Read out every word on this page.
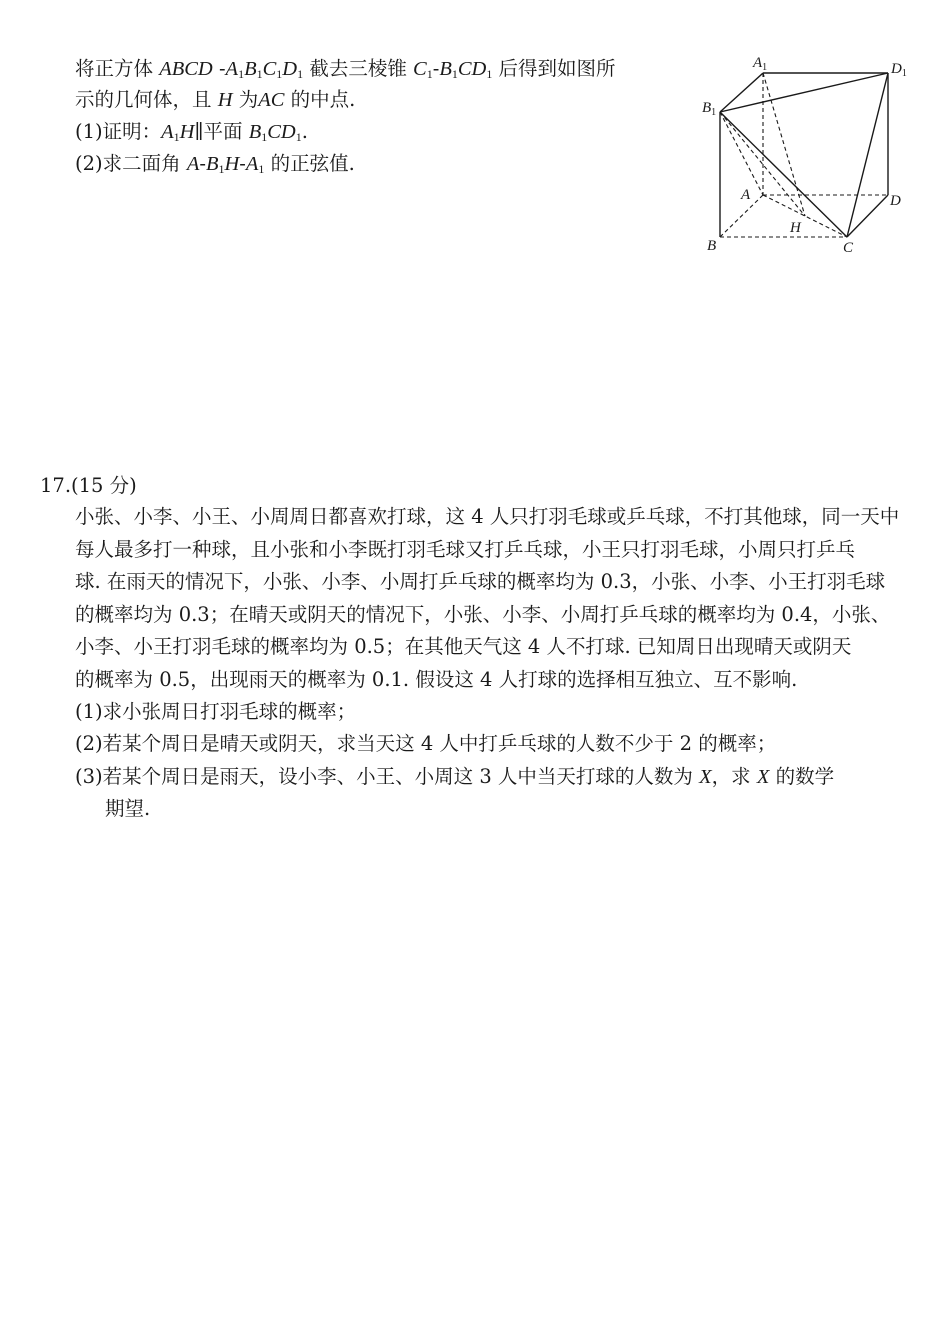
将正方体 ABCD -A1B1C1D1 截去三棱锥 C1-B1CD1 后得到如图所
示的几何体，且 H 为AC 的中点.
(1)证明：A1H∥平面 B1CD1.
(2)求二面角 A-B1H-A1 的正弦值.
$A_1$	$D_1$
$B_1$
A	D
H
B	C
17.(15 分)
小张、小李、小王、小周周日都喜欢打球，这 4 人只打羽毛球或乒乓球，不打其他球，同一天中
每人最多打一种球，且小张和小李既打羽毛球又打乒乓球，小王只打羽毛球，小周只打乒乓
球. 在雨天的情况下，小张、小李、小周打乒乓球的概率均为 0.3，小张、小李、小王打羽毛球
的概率均为 0.3；在晴天或阴天的情况下，小张、小李、小周打乒乓球的概率均为 0.4，小张、
小李、小王打羽毛球的概率均为 0.5；在其他天气这 4 人不打球. 已知周日出现晴天或阴天
的概率为 0.5，出现雨天的概率为 0.1. 假设这 4 人打球的选择相互独立、互不影响.
(1)求小张周日打羽毛球的概率；
(2)若某个周日是晴天或阴天，求当天这 4 人中打乒乓球的人数不少于 2 的概率；
(3)若某个周日是雨天，设小李、小王、小周这 3 人中当天打球的人数为 X，求 X 的数学
期望.
